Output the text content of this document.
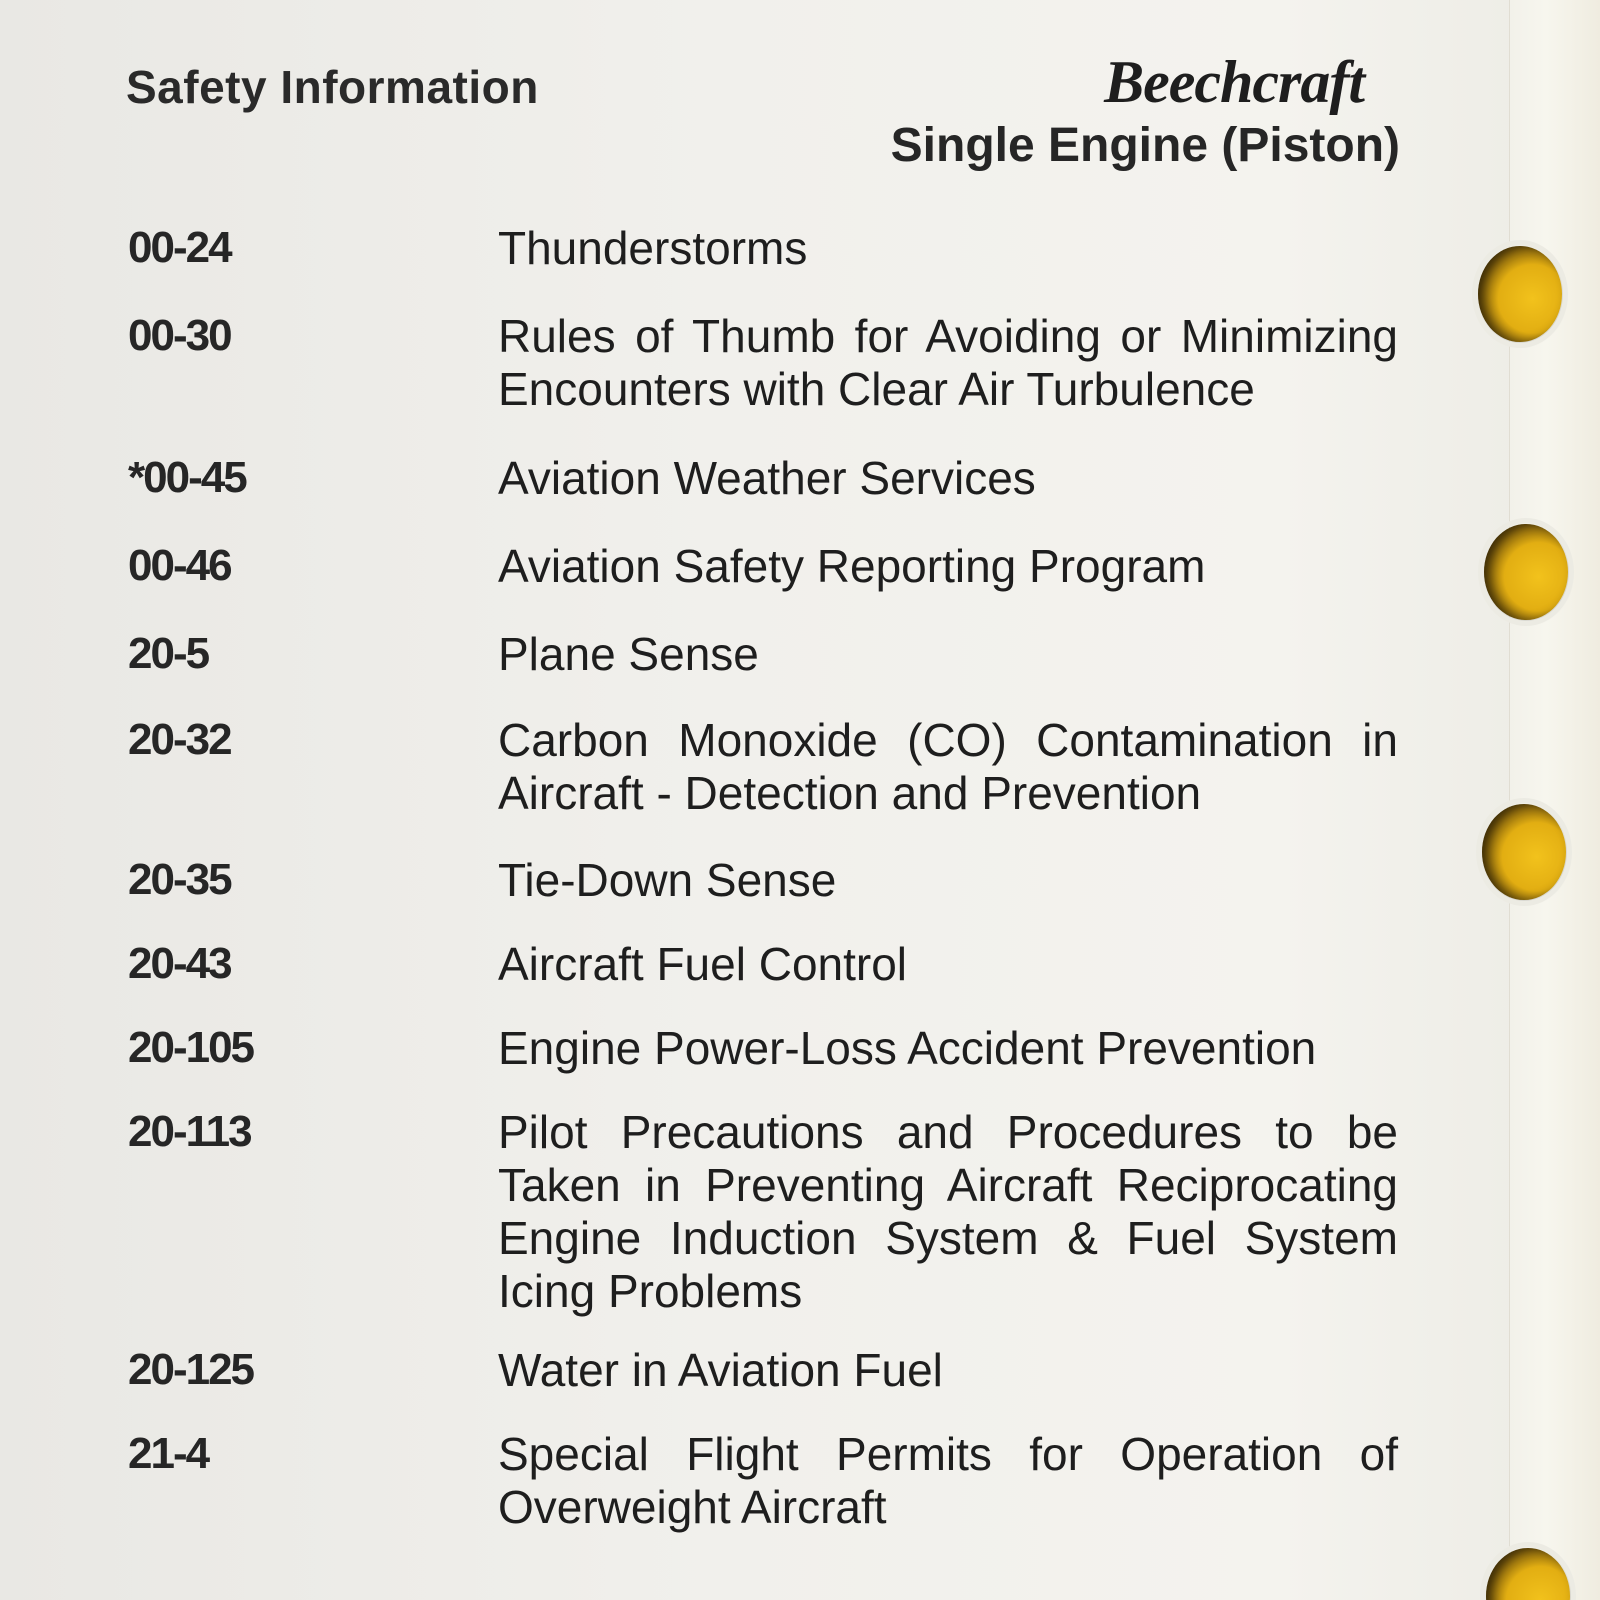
Safety Information	Beechcraft
Single Engine (Piston)
00-24	Thunderstorms
00-30	Rules of Thumb for Avoiding or Minimizing Encounters with Clear Air Turbulence
*00-45	Aviation Weather Services
00-46	Aviation Safety Reporting Program
20-5	Plane Sense
20-32	Carbon Monoxide (CO) Contamination in Aircraft - Detection and Prevention
20-35	Tie-Down Sense
20-43	Aircraft Fuel Control
20-105	Engine Power-Loss Accident Prevention
20-113	Pilot Precautions and Procedures to be Taken in Preventing Aircraft Reciprocating Engine Induction System & Fuel System Icing Problems
20-125	Water in Aviation Fuel
21-4	Special Flight Permits for Operation of Overweight Aircraft
